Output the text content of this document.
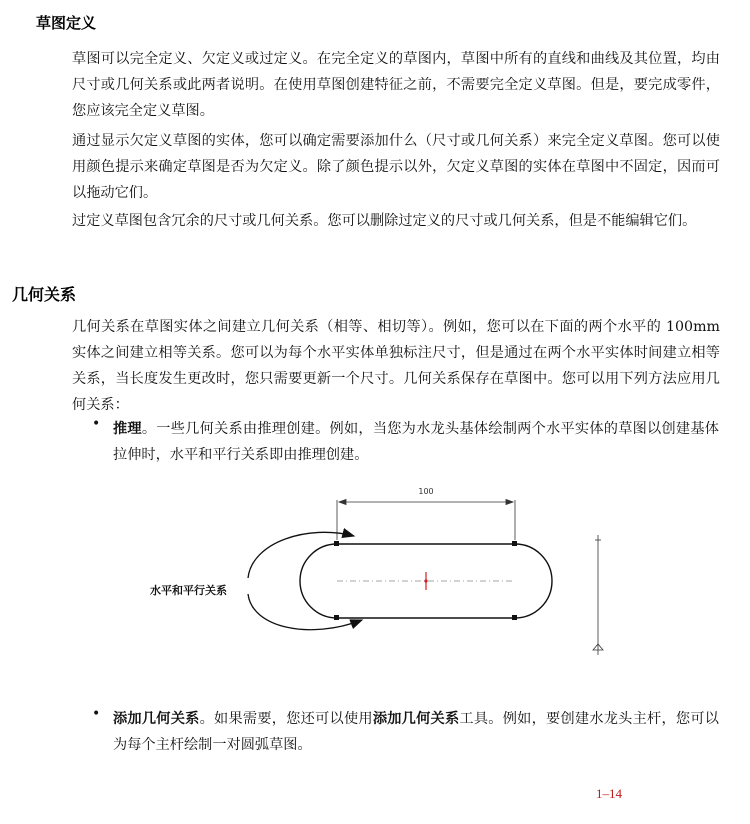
草图定义

草图可以完全定义、欠定义或过定义。在完全定义的草图内，草图中所有的直线和曲线及其位置，均由尺寸或几何关系或此两者说明。在使用草图创建特征之前，不需要完全定义草图。但是，要完成零件，您应该完全定义草图。

通过显示欠定义草图的实体，您可以确定需要添加什么（尺寸或几何关系）来完全定义草图。您可以使用颜色提示来确定草图是否为欠定义。除了颜色提示以外，欠定义草图的实体在草图中不固定，因而可以拖动它们。

过定义草图包含冗余的尺寸或几何关系。您可以删除过定义的尺寸或几何关系，但是不能编辑它们。

几何关系

几何关系在草图实体之间建立几何关系（相等、相切等）。例如，您可以在下面的两个水平的 100mm 实体之间建立相等关系。您可以为每个水平实体单独标注尺寸，但是通过在两个水平实体时间建立相等关系，当长度发生更改时，您只需要更新一个尺寸。几何关系保存在草图中。您可以用下列方法应用几何关系：

• 推理。一些几何关系由推理创建。例如，当您为水龙头基体绘制两个水平实体的草图以创建基体拉伸时，水平和平行关系即由推理创建。

100
水平和平行关系
• 添加几何关系。如果需要，您还可以使用添加几何关系工具。例如，要创建水龙头主杆，您可以为每个主杆绘制一对圆弧草图。

1–14
